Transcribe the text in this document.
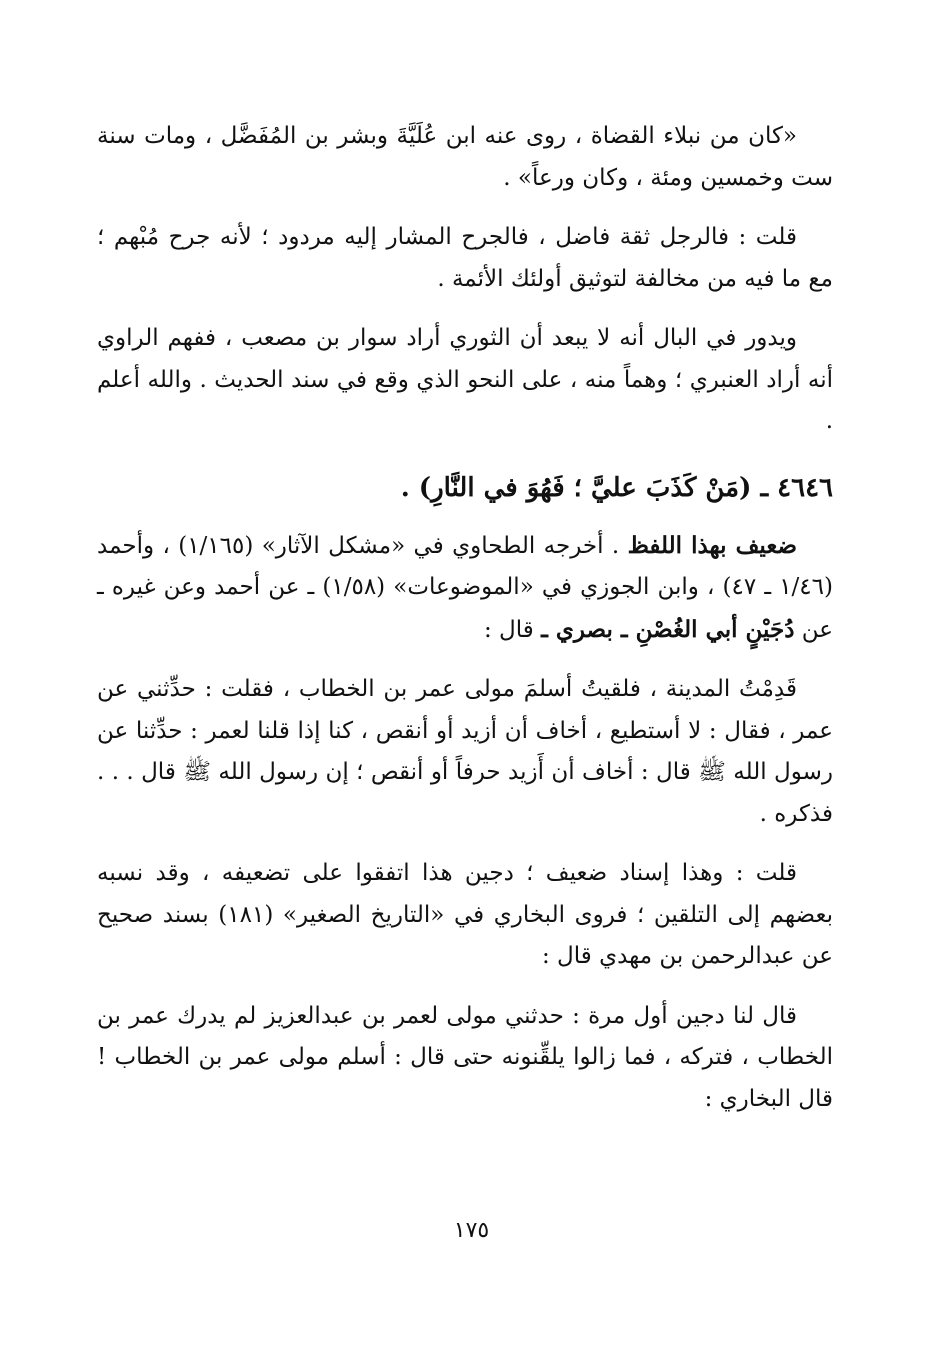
«كان من نبلاء القضاة ، روى عنه ابن عُلَيَّةَ وبشر بن المُفَضَّل ، ومات سنة ست وخمسين ومئة ، وكان ورعاً» .

قلت : فالرجل ثقة فاضل ، فالجرح المشار إليه مردود ؛ لأنه جرح مُبْهم ؛ مع ما فيه من مخالفة لتوثيق أولئك الأئمة .

ويدور في البال أنه لا يبعد أن الثوري أراد سوار بن مصعب ، ففهم الراوي أنه أراد العنبري ؛ وهماً منه ، على النحو الذي وقع في سند الحديث . والله أعلم .

٤٦٤٦ ـ (مَنْ كَذَبَ عليَّ ؛ فَهُوَ في النَّارِ) .

ضعيف بهذا اللفظ . أخرجه الطحاوي في «مشكل الآثار» (١/١٦٥) ، وأحمد (١/٤٦ ـ ٤٧) ، وابن الجوزي في «الموضوعات» (١/٥٨) ـ عن أحمد وعن غيره ـ عن دُجَيْنٍ أبي الغُصْنِ ـ بصري ـ قال :

قَدِمْتُ المدينة ، فلقيتُ أسلمَ مولى عمر بن الخطاب ، فقلت : حدِّثني عن عمر ، فقال : لا أستطيع ، أخاف أن أزيد أو أنقص ، كنا إذا قلنا لعمر : حدِّثنا عن رسول الله ﷺ قال : أخاف أن أَزيد حرفاً أو أنقص ؛ إن رسول الله ﷺ قال . . . فذكره .

قلت : وهذا إسناد ضعيف ؛ دجين هذا اتفقوا على تضعيفه ، وقد نسبه بعضهم إلى التلقين ؛ فروى البخاري في «التاريخ الصغير» (١٨١) بسند صحيح عن عبدالرحمن بن مهدي قال :

قال لنا دجين أول مرة : حدثني مولى لعمر بن عبدالعزيز لم يدرك عمر بن الخطاب ، فتركه ، فما زالوا يلقِّنونه حتى قال : أسلم مولى عمر بن الخطاب ! قال البخاري :

١٧٥
